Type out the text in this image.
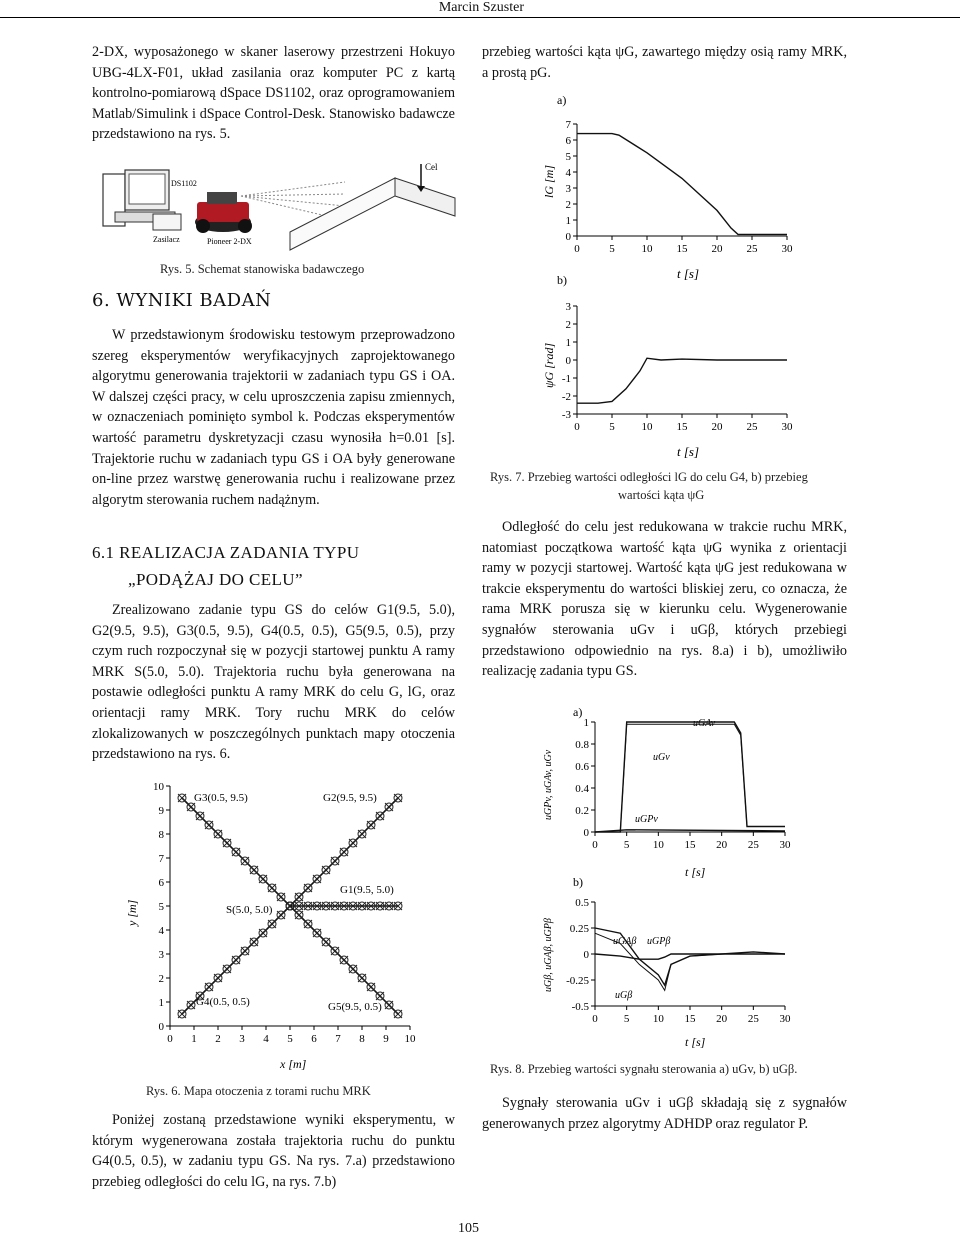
Marcin Szuster

2-DX, wyposażonego w skaner laserowy przestrzeni Hokuyo UBG-4LX-F01, układ zasilania oraz komputer PC z kartą kontrolno-pomiarową dSpace DS1102, oraz oprogramowaniem Matlab/Simulink i dSpace Control-Desk. Stanowisko badawcze przedstawiono na rys. 5.

DS1102
Zasilacz	Pioneer 2-DX
Cel
Rys. 5. Schemat stanowiska badawczego
6. WYNIKI BADAŃ

W przedstawionym środowisku testowym przeprowadzono szereg eksperymentów weryfikacyjnych zaprojektowanego algorytmu generowania trajektorii w zadaniach typu GS i OA. W dalszej części pracy, w celu uproszczenia zapisu zmiennych, w oznaczeniach pominięto symbol k. Podczas eksperymentów wartość parametru dyskretyzacji czasu wynosiła h=0.01 [s]. Trajektorie ruchu w zadaniach typu GS i OA były generowane on-line przez warstwę generowania ruchu i realizowane przez algorytm sterowania ruchem nadążnym.

6.1 REALIZACJA ZADANIA TYPU
„PODĄŻAJ DO CELU”

Zrealizowano zadanie typu GS do celów G1(9.5, 5.0), G2(9.5, 9.5), G3(0.5, 9.5), G4(0.5, 0.5), G5(9.5, 0.5), przy czym ruch rozpoczynał się w pozycji startowej punktu A ramy MRK S(5.0, 5.0). Trajektoria ruchu była generowana na postawie odległości punktu A ramy MRK do celu G, lG, oraz orientacji ramy MRK. Tory ruchu MRK do celów zlokalizowanych w poszczególnych punktach mapy otoczenia przedstawiono na rys. 6.

0 1 2 3 4 5 6 7 8 9 10
0
1
2
3
4
5
6
7
8
9
10
x [m]
y [m]
G1(9.5, 5.0)
G2(9.5, 9.5)
G3(0.5, 9.5)
G4(0.5, 0.5)	G5(9.5, 0.5)
S(5.0, 5.0)
Rys. 6. Mapa otoczenia z torami ruchu MRK

Poniżej zostaną przedstawione wyniki eksperymentu, w którym wygenerowana została trajektoria ruchu do punktu G4(0.5, 0.5), w zadaniu typu GS. Na rys. 7.a) przedstawiono przebieg odległości do celu lG, na rys. 7.b)

przebieg wartości kąta ψG, zawartego między osią ramy MRK, a prostą pG.

a)
b)
lG [m]
ψG [rad]
t [s]
t [s]
0	5 10 15 20 25 30
0
1
2
3
4
5
6
7
0	5 10 15 20 25 30
-3
-2
-1
0
1
2
3
Rys. 7. Przebieg wartości odległości lG do celu G4, b) przebieg
wartości kąta ψG

Odległość do celu jest redukowana w trakcie ruchu MRK, natomiast początkowa wartość kąta ψG wynika z orientacji ramy w pozycji startowej. Wartość kąta ψG jest redukowana w trakcie eksperymentu do wartości bliskiej zeru, co oznacza, że rama MRK porusza się w kierunku celu. Wygenerowanie sygnałów sterowania uGv i uGβ, których przebiegi przedstawiono odpowiednio na rys. 8.a) i b), umożliwiło realizację zadania typu GS.

a)
b)
uGPv, uGAv, uGv
uGβ, uGAβ, uGPβ
t [s]
t [s]
uGAv
uGv
uGPv
uGAβ uGPβ
uGβ
0 5 10 15 20 25 30
0
0.2
0.4
0.6
0.8
1
0 5 10 15 20 25 30
-0.5
-0.25
0
0.25
0.5
Rys. 8. Przebieg wartości sygnału sterowania a) uGv, b) uGβ.

Sygnały sterowania uGv i uGβ składają się z sygnałów generowanych przez algorytmy ADHDP oraz regulator P.

105
